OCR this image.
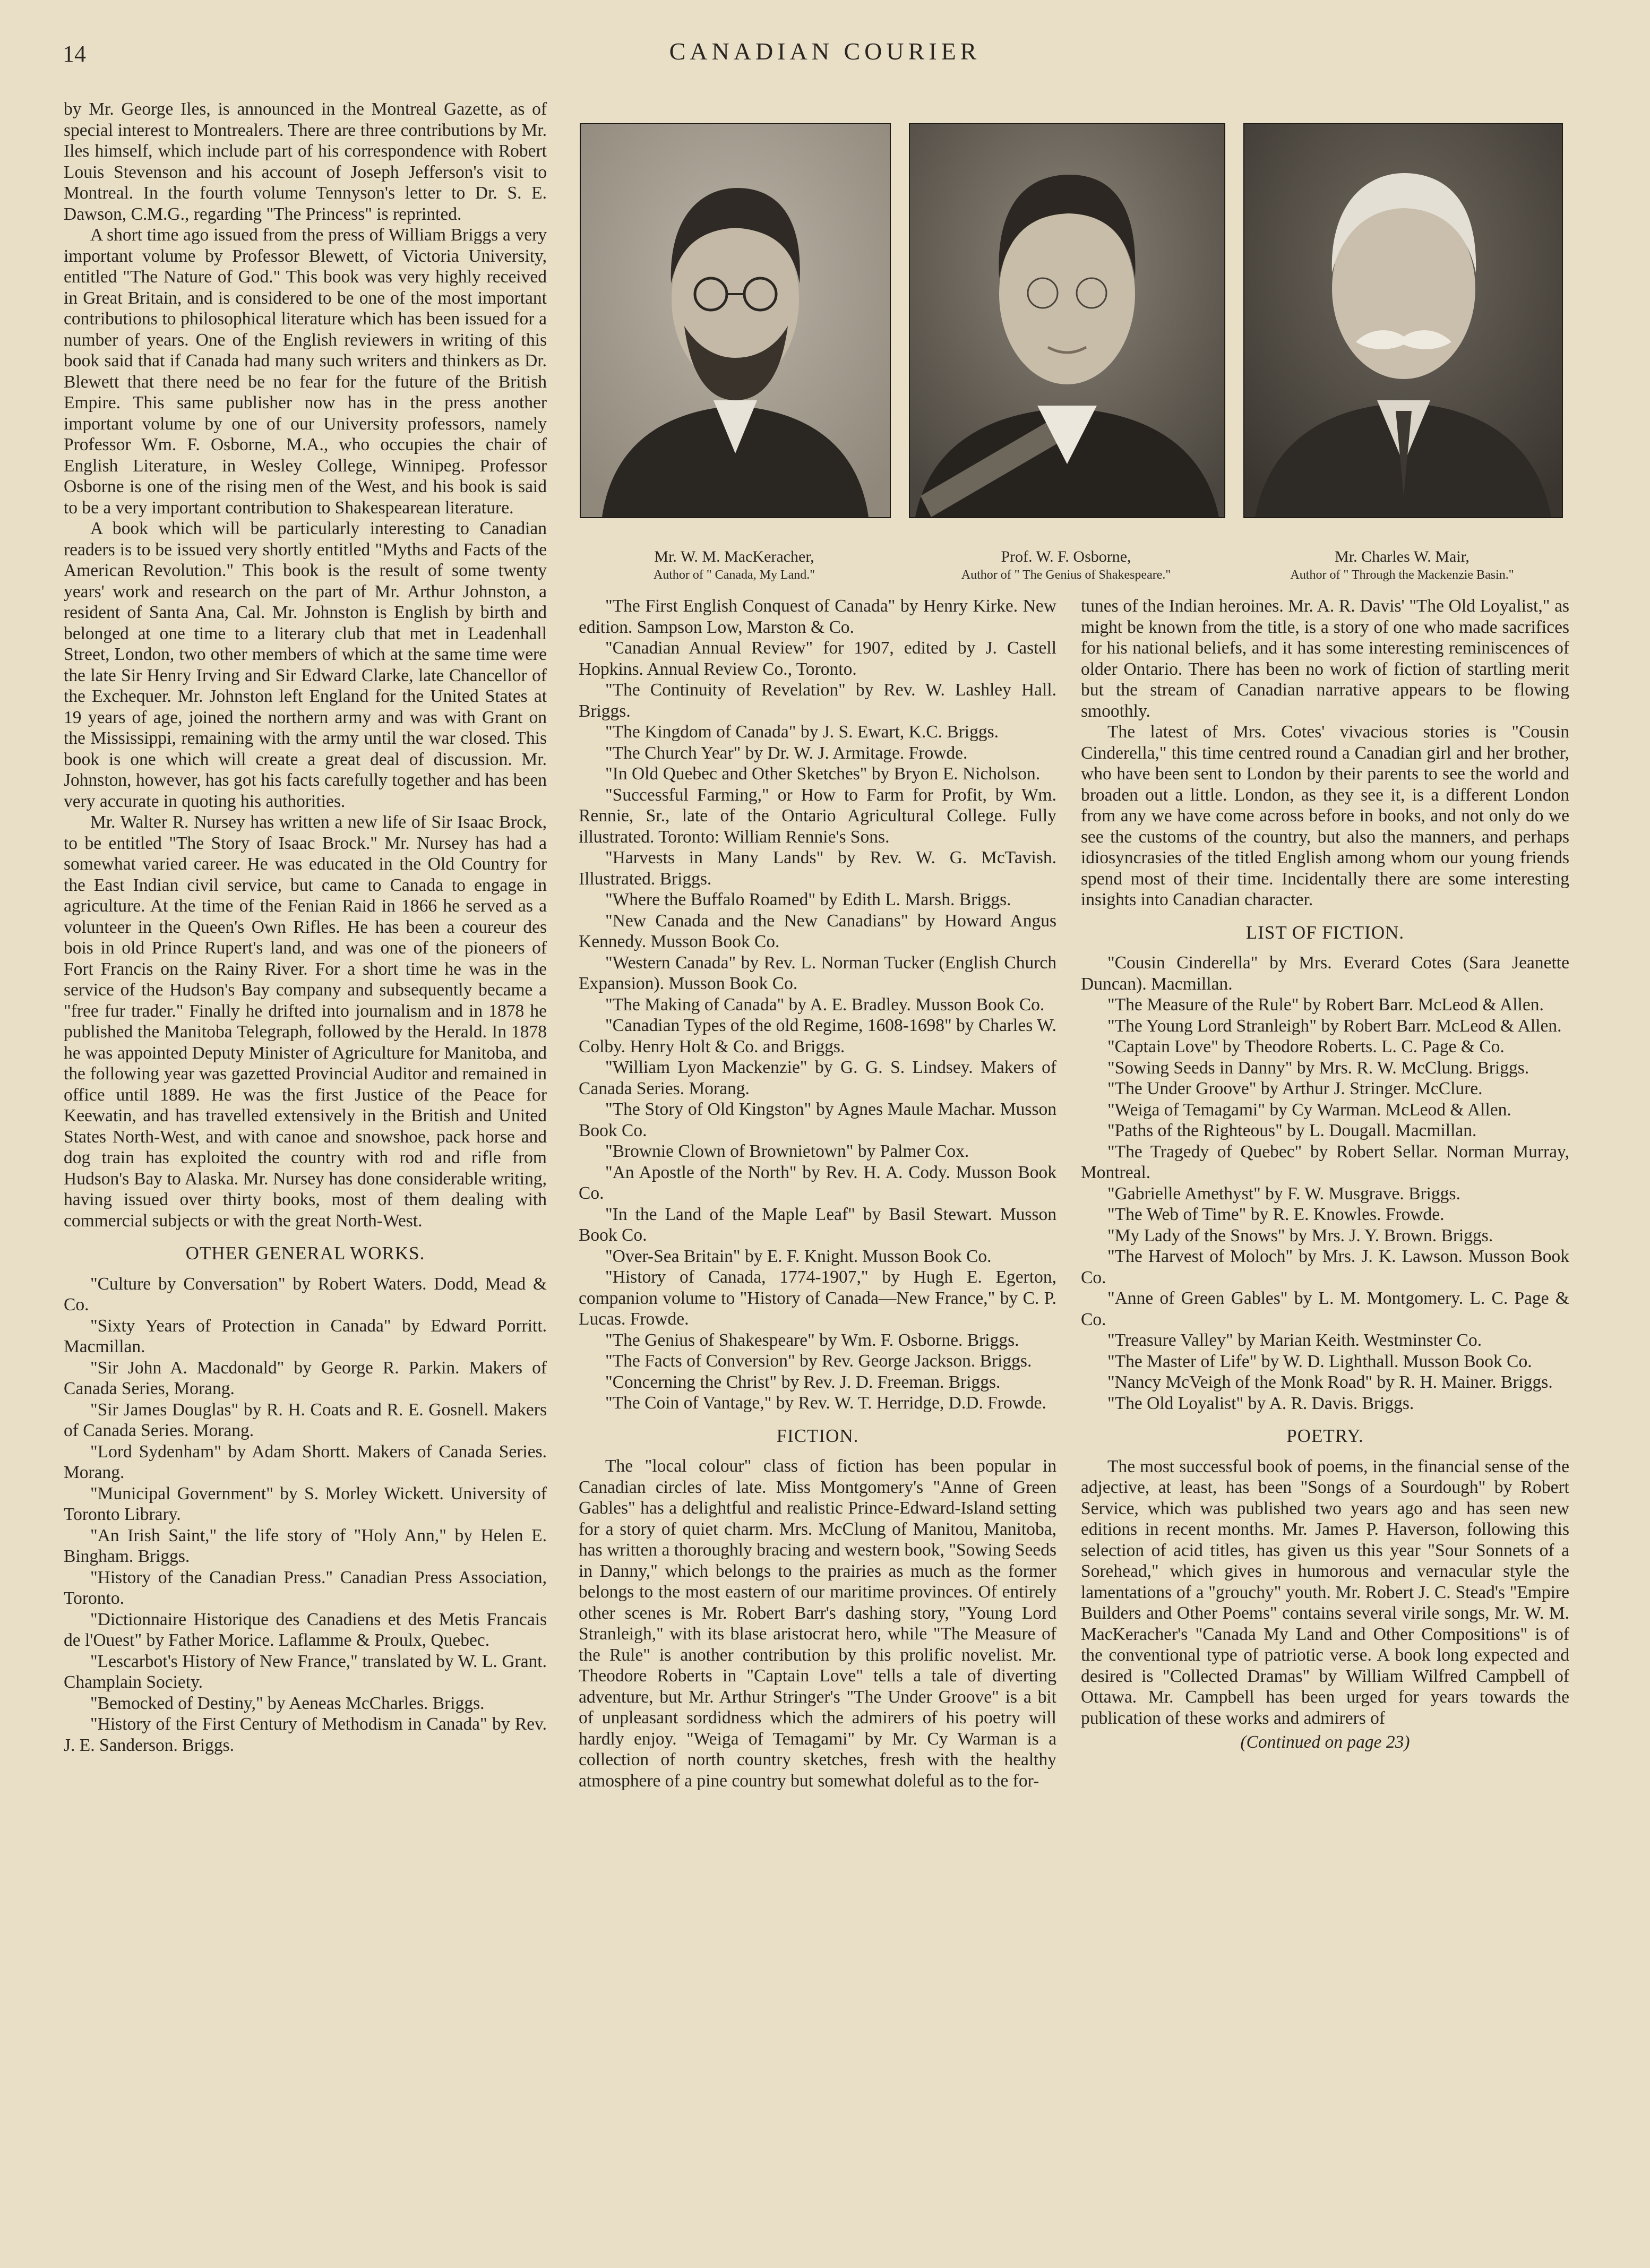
14	CANADIAN COURIER

by Mr. George Iles, is announced in the Montreal Gazette, as of special interest to Montrealers. There are three contributions by Mr. Iles himself, which include part of his correspondence with Robert Louis Stevenson and his account of Joseph Jefferson's visit to Montreal. In the fourth volume Tennyson's letter to Dr. S. E. Dawson, C.M.G., regarding "The Princess" is reprinted.

A short time ago issued from the press of William Briggs a very important volume by Professor Blewett, of Victoria University, entitled "The Nature of God." This book was very highly received in Great Britain, and is considered to be one of the most important contributions to philosophical literature which has been issued for a number of years. One of the English reviewers in writing of this book said that if Canada had many such writers and thinkers as Dr. Blewett that there need be no fear for the future of the British Empire. This same publisher now has in the press another important volume by one of our University professors, namely Professor Wm. F. Osborne, M.A., who occupies the chair of English Literature, in Wesley College, Winnipeg. Professor Osborne is one of the rising men of the West, and his book is said to be a very important contribution to Shakespearean literature.

A book which will be particularly interesting to Canadian readers is to be issued very shortly entitled "Myths and Facts of the American Revolution." This book is the result of some twenty years' work and research on the part of Mr. Arthur Johnston, a resident of Santa Ana, Cal. Mr. Johnston is English by birth and belonged at one time to a literary club that met in Leadenhall Street, London, two other members of which at the same time were the late Sir Henry Irving and Sir Edward Clarke, late Chancellor of the Exchequer. Mr. Johnston left England for the United States at 19 years of age, joined the northern army and was with Grant on the Mississippi, remaining with the army until the war closed. This book is one which will create a great deal of discussion. Mr. Johnston, however, has got his facts carefully together and has been very accurate in quoting his authorities.

Mr. Walter R. Nursey has written a new life of Sir Isaac Brock, to be entitled "The Story of Isaac Brock." Mr. Nursey has had a somewhat varied career. He was educated in the Old Country for the East Indian civil service, but came to Canada to engage in agriculture. At the time of the Fenian Raid in 1866 he served as a volunteer in the Queen's Own Rifles. He has been a coureur des bois in old Prince Rupert's land, and was one of the pioneers of Fort Francis on the Rainy River. For a short time he was in the service of the Hudson's Bay company and subsequently became a "free fur trader." Finally he drifted into journalism and in 1878 he published the Manitoba Telegraph, followed by the Herald. In 1878 he was appointed Deputy Minister of Agriculture for Manitoba, and the following year was gazetted Provincial Auditor and remained in office until 1889. He was the first Justice of the Peace for Keewatin, and has travelled extensively in the British and United States North-West, and with canoe and snowshoe, pack horse and dog train has exploited the country with rod and rifle from Hudson's Bay to Alaska. Mr. Nursey has done considerable writing, having issued over thirty books, most of them dealing with commercial subjects or with the great North-West.

OTHER GENERAL WORKS.

"Culture by Conversation" by Robert Waters. Dodd, Mead & Co.

"Sixty Years of Protection in Canada" by Edward Porritt. Macmillan.

"Sir John A. Macdonald" by George R. Parkin. Makers of Canada Series, Morang.

"Sir James Douglas" by R. H. Coats and R. E. Gosnell. Makers of Canada Series. Morang.

"Lord Sydenham" by Adam Shortt. Makers of Canada Series. Morang.

"Municipal Government" by S. Morley Wickett. University of Toronto Library.

"An Irish Saint," the life story of "Holy Ann," by Helen E. Bingham. Briggs.

"History of the Canadian Press." Canadian Press Association, Toronto.

"Dictionnaire Historique des Canadiens et des Metis Francais de l'Ouest" by Father Morice. Laflamme & Proulx, Quebec.

"Lescarbot's History of New France," translated by W. L. Grant. Champlain Society.

"Bemocked of Destiny," by Aeneas McCharles. Briggs.

"History of the First Century of Methodism in Canada" by Rev. J. E. Sanderson. Briggs.

Mr. W. M. MacKeracher,
Author of " Canada, My Land."
Prof. W. F. Osborne,
Author of " The Genius of Shakespeare."
Mr. Charles W. Mair,
Author of " Through the Mackenzie Basin."

"The First English Conquest of Canada" by Henry Kirke. New edition. Sampson Low, Marston & Co.

"Canadian Annual Review" for 1907, edited by J. Castell Hopkins. Annual Review Co., Toronto.

"The Continuity of Revelation" by Rev. W. Lashley Hall. Briggs.

"The Kingdom of Canada" by J. S. Ewart, K.C. Briggs.

"The Church Year" by Dr. W. J. Armitage. Frowde.

"In Old Quebec and Other Sketches" by Bryon E. Nicholson.

"Successful Farming," or How to Farm for Profit, by Wm. Rennie, Sr., late of the Ontario Agricultural College. Fully illustrated. Toronto: William Rennie's Sons.

"Harvests in Many Lands" by Rev. W. G. McTavish. Illustrated. Briggs.

"Where the Buffalo Roamed" by Edith L. Marsh. Briggs.

"New Canada and the New Canadians" by Howard Angus Kennedy. Musson Book Co.

"Western Canada" by Rev. L. Norman Tucker (English Church Expansion). Musson Book Co.

"The Making of Canada" by A. E. Bradley. Musson Book Co.

"Canadian Types of the old Regime, 1608-1698" by Charles W. Colby. Henry Holt & Co. and Briggs.

"William Lyon Mackenzie" by G. G. S. Lindsey. Makers of Canada Series. Morang.

"The Story of Old Kingston" by Agnes Maule Machar. Musson Book Co.

"Brownie Clown of Brownietown" by Palmer Cox.

"An Apostle of the North" by Rev. H. A. Cody. Musson Book Co.

"In the Land of the Maple Leaf" by Basil Stewart. Musson Book Co.

"Over-Sea Britain" by E. F. Knight. Musson Book Co.

"History of Canada, 1774-1907," by Hugh E. Egerton, companion volume to "History of Canada—New France," by C. P. Lucas. Frowde.

"The Genius of Shakespeare" by Wm. F. Osborne. Briggs.

"The Facts of Conversion" by Rev. George Jackson. Briggs.

"Concerning the Christ" by Rev. J. D. Freeman. Briggs.

"The Coin of Vantage," by Rev. W. T. Herridge, D.D. Frowde.

FICTION.

The "local colour" class of fiction has been popular in Canadian circles of late. Miss Montgomery's "Anne of Green Gables" has a delightful and realistic Prince-Edward-Island setting for a story of quiet charm. Mrs. McClung of Manitou, Manitoba, has written a thoroughly bracing and western book, "Sowing Seeds in Danny," which belongs to the prairies as much as the former belongs to the most eastern of our maritime provinces. Of entirely other scenes is Mr. Robert Barr's dashing story, "Young Lord Stranleigh," with its blase aristocrat hero, while "The Measure of the Rule" is another contribution by this prolific novelist. Mr. Theodore Roberts in "Captain Love" tells a tale of diverting adventure, but Mr. Arthur Stringer's "The Under Groove" is a bit of unpleasant sordidness which the admirers of his poetry will hardly enjoy. "Weiga of Temagami" by Mr. Cy Warman is a collection of north country sketches, fresh with the healthy atmosphere of a pine country but somewhat doleful as to the for-

tunes of the Indian heroines. Mr. A. R. Davis' "The Old Loyalist," as might be known from the title, is a story of one who made sacrifices for his national beliefs, and it has some interesting reminiscences of older Ontario. There has been no work of fiction of startling merit but the stream of Canadian narrative appears to be flowing smoothly.

The latest of Mrs. Cotes' vivacious stories is "Cousin Cinderella," this time centred round a Canadian girl and her brother, who have been sent to London by their parents to see the world and broaden out a little. London, as they see it, is a different London from any we have come across before in books, and not only do we see the customs of the country, but also the manners, and perhaps idiosyncrasies of the titled English among whom our young friends spend most of their time. Incidentally there are some interesting insights into Canadian character.

LIST OF FICTION.

"Cousin Cinderella" by Mrs. Everard Cotes (Sara Jeanette Duncan). Macmillan.

"The Measure of the Rule" by Robert Barr. McLeod & Allen.

"The Young Lord Stranleigh" by Robert Barr. McLeod & Allen.

"Captain Love" by Theodore Roberts. L. C. Page & Co.

"Sowing Seeds in Danny" by Mrs. R. W. McClung. Briggs.

"The Under Groove" by Arthur J. Stringer. McClure.

"Weiga of Temagami" by Cy Warman. McLeod & Allen.

"Paths of the Righteous" by L. Dougall. Macmillan.

"The Tragedy of Quebec" by Robert Sellar. Norman Murray, Montreal.

"Gabrielle Amethyst" by F. W. Musgrave. Briggs.

"The Web of Time" by R. E. Knowles. Frowde.

"My Lady of the Snows" by Mrs. J. Y. Brown. Briggs.

"The Harvest of Moloch" by Mrs. J. K. Lawson. Musson Book Co.

"Anne of Green Gables" by L. M. Montgomery. L. C. Page & Co.

"Treasure Valley" by Marian Keith. Westminster Co.

"The Master of Life" by W. D. Lighthall. Musson Book Co.

"Nancy McVeigh of the Monk Road" by R. H. Mainer. Briggs.

"The Old Loyalist" by A. R. Davis. Briggs.

POETRY.

The most successful book of poems, in the financial sense of the adjective, at least, has been "Songs of a Sourdough" by Robert Service, which was published two years ago and has seen new editions in recent months. Mr. James P. Haverson, following this selection of acid titles, has given us this year "Sour Sonnets of a Sorehead," which gives in humorous and vernacular style the lamentations of a "grouchy" youth. Mr. Robert J. C. Stead's "Empire Builders and Other Poems" contains several virile songs, Mr. W. M. MacKeracher's "Canada My Land and Other Compositions" is of the conventional type of patriotic verse. A book long expected and desired is "Collected Dramas" by William Wilfred Campbell of Ottawa. Mr. Campbell has been urged for years towards the publication of these works and admirers of

(Continued on page 23)
